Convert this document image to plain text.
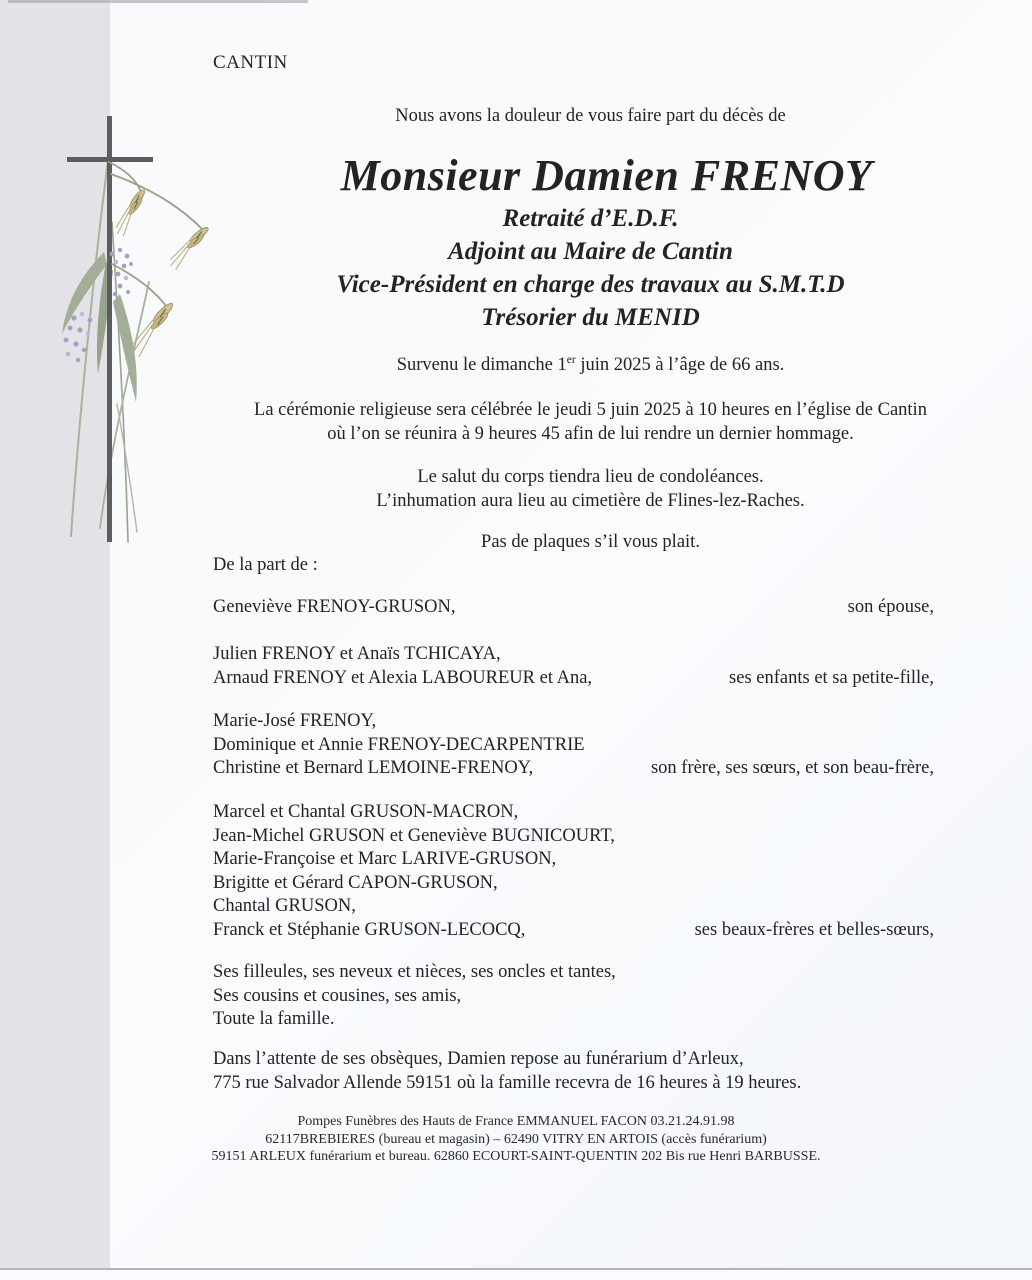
CANTIN
Nous avons la douleur de vous faire part du décès de
Monsieur Damien FRENOY
Retraité d’E.D.F.
Adjoint au Maire de Cantin
Vice-Président en charge des travaux au S.M.T.D
Trésorier du MENID
Survenu le dimanche 1er juin 2025 à l’âge de 66 ans.
La cérémonie religieuse sera célébrée le jeudi 5 juin 2025 à 10 heures en l’église de Cantin
où l’on se réunira à 9 heures 45 afin de lui rendre un dernier hommage.
Le salut du corps tiendra lieu de condoléances.
L’inhumation aura lieu au cimetière de Flines-lez-Raches.
Pas de plaques s’il vous plait.
De la part de :
Geneviève FRENOY-GRUSON,	son épouse,
Julien FRENOY et Anaïs TCHICAYA,
Arnaud FRENOY et Alexia LABOUREUR et Ana,	ses enfants et sa petite-fille,
Marie-José FRENOY,
Dominique et Annie FRENOY-DECARPENTRIE
Christine et Bernard LEMOINE-FRENOY,	son frère, ses sœurs, et son beau-frère,
Marcel et Chantal GRUSON-MACRON,
Jean-Michel GRUSON et Geneviève BUGNICOURT,
Marie-Françoise et Marc LARIVE-GRUSON,
Brigitte et Gérard CAPON-GRUSON,
Chantal GRUSON,
Franck et Stéphanie GRUSON-LECOCQ,	ses beaux-frères et belles-sœurs,
Ses filleules, ses neveux et nièces, ses oncles et tantes,
Ses cousins et cousines, ses amis,
Toute la famille.
Dans l’attente de ses obsèques, Damien repose au funérarium d’Arleux,
775 rue Salvador Allende 59151 où la famille recevra de 16 heures à 19 heures.
Pompes Funèbres des Hauts de France EMMANUEL FACON 03.21.24.91.98
62117BREBIERES (bureau et magasin) – 62490 VITRY EN ARTOIS (accès funérarium)
59151 ARLEUX funérarium et bureau. 62860 ECOURT-SAINT-QUENTIN 202 Bis rue Henri BARBUSSE.
